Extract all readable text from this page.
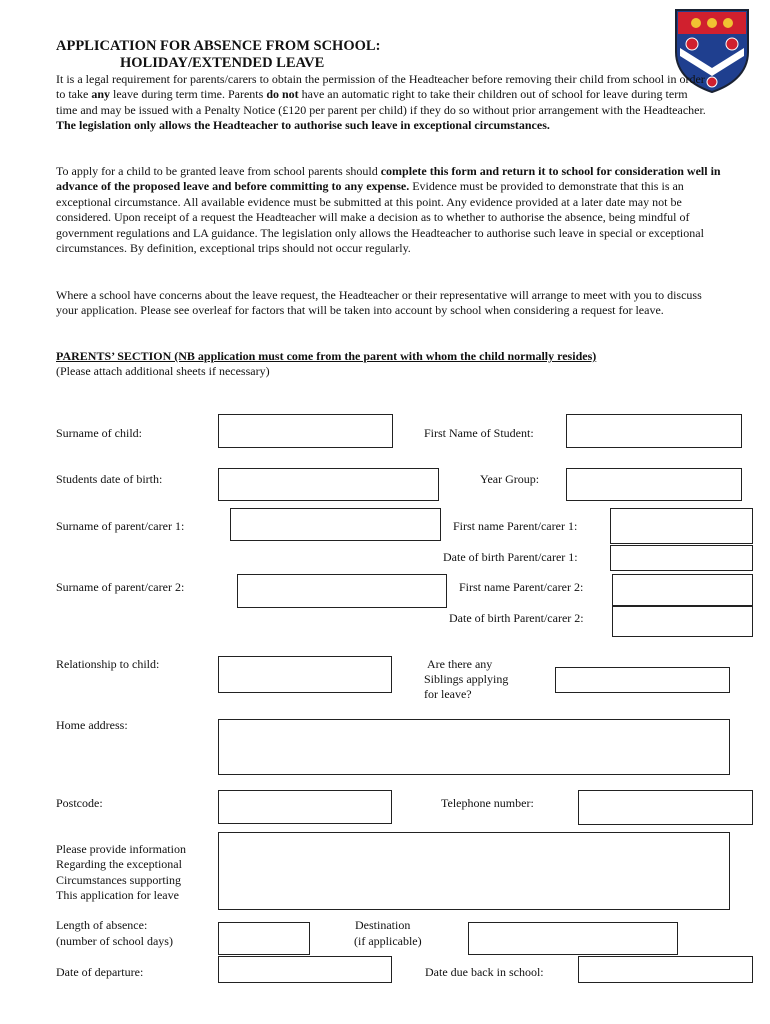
APPLICATION FOR ABSENCE FROM SCHOOL:
HOLIDAY/EXTENDED LEAVE

It is a legal requirement for parents/carers to obtain the permission of the Headteacher before removing their child from school in order to take any leave during term time. Parents do not have an automatic right to take their children out of school for leave during term time and may be issued with a Penalty Notice (£120 per parent per child) if they do so without prior arrangement with the Headteacher. The legislation only allows the Headteacher to authorise such leave in exceptional circumstances.

To apply for a child to be granted leave from school parents should complete this form and return it to school for consideration well in advance of the proposed leave and before committing to any expense. Evidence must be provided to demonstrate that this is an exceptional circumstance. All available evidence must be submitted at this point. Any evidence provided at a later date may not be considered. Upon receipt of a request the Headteacher will make a decision as to whether to authorise the absence, being mindful of government regulations and LA guidance. The legislation only allows the Headteacher to authorise such leave in special or exceptional circumstances. By definition, exceptional trips should not occur regularly.

Where a school have concerns about the leave request, the Headteacher or their representative will arrange to meet with you to discuss your application. Please see overleaf for factors that will be taken into account by school when considering a request for leave.

PARENTS’ SECTION (NB application must come from the parent with whom the child normally resides)
(Please attach additional sheets if necessary)
Surname of child:	First Name of Student:
Students date of birth:	Year Group:
Surname of parent/carer 1:	First name Parent/carer 1:
Date of birth Parent/carer 1:
Surname of parent/carer 2:	First name Parent/carer 2:
Date of birth Parent/carer 2:
Relationship to child:	Are there any
Siblings applying
for leave?
Home address:
Postcode:	Telephone number:
Please provide information
Regarding the exceptional
Circumstances supporting
This application for leave
Length of absence:
(number of school days)
Destination
(if applicable)
Date of departure:	Date due back in school:
